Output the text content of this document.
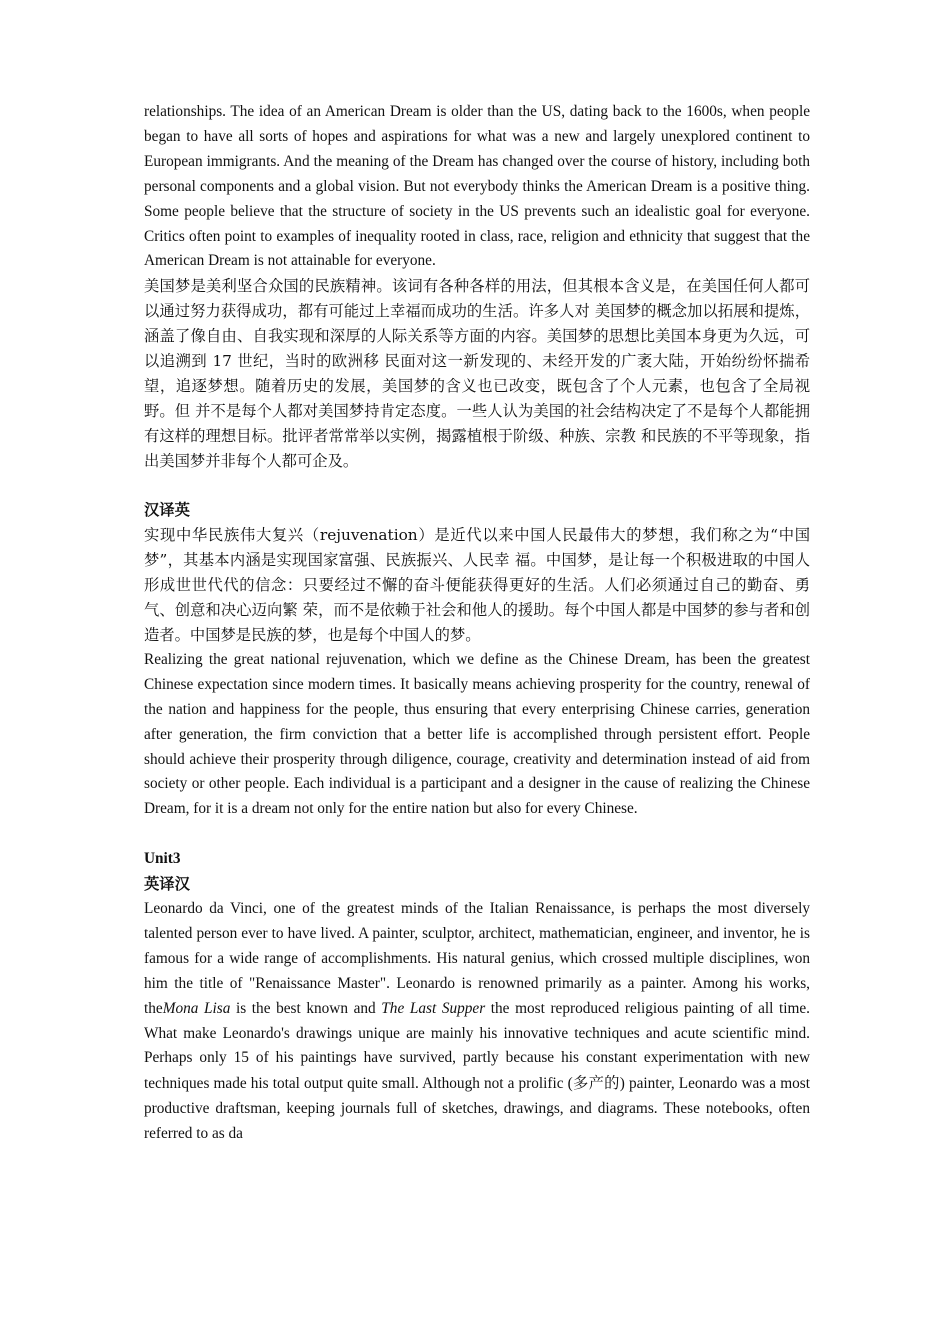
relationships. The idea of an American Dream is older than the US, dating back to the 1600s, when people began to have all sorts of hopes and aspirations for what was a new and largely unexplored continent to European immigrants. And the meaning of the Dream has changed over the course of history, including both personal components and a global vision. But not everybody thinks the American Dream is a positive thing. Some people believe that the structure of society in the US prevents such an idealistic goal for everyone. Critics often point to examples of inequality rooted in class, race, religion and ethnicity that suggest that the American Dream is not attainable for everyone.

美国梦是美利坚合众国的民族精神。该词有各种各样的用法，但其根本含义是，在美国任何人都可以通过努力获得成功，都有可能过上幸福而成功的生活。许多人对 美国梦的概念加以拓展和提炼，涵盖了像自由、自我实现和深厚的人际关系等方面的内容。美国梦的思想比美国本身更为久远，可以追溯到 17 世纪，当时的欧洲移 民面对这一新发现的、未经开发的广袤大陆，开始纷纷怀揣希望，追逐梦想。随着历史的发展，美国梦的含义也已改变，既包含了个人元素，也包含了全局视野。但 并不是每个人都对美国梦持肯定态度。一些人认为美国的社会结构决定了不是每个人都能拥有这样的理想目标。批评者常常举以实例，揭露植根于阶级、种族、宗教 和民族的不平等现象，指出美国梦并非每个人都可企及。

汉译英

实现中华民族伟大复兴（rejuvenation）是近代以来中国人民最伟大的梦想，我们称之为“中国梦”，其基本内涵是实现国家富强、民族振兴、人民幸 福。中国梦，是让每一个积极进取的中国人形成世世代代的信念：只要经过不懈的奋斗便能获得更好的生活。人们必须通过自己的勤奋、勇气、创意和决心迈向繁 荣，而不是依赖于社会和他人的援助。每个中国人都是中国梦的参与者和创造者。中国梦是民族的梦，也是每个中国人的梦。

Realizing the great national rejuvenation, which we define as the Chinese Dream, has been the greatest Chinese expectation since modern times. It basically means achieving prosperity for the country, renewal of the nation and happiness for the people, thus ensuring that every enterprising Chinese carries, generation after generation, the firm conviction that a better life is accomplished through persistent effort. People should achieve their prosperity through diligence, courage, creativity and determination instead of aid from society or other people. Each individual is a participant and a designer in the cause of realizing the Chinese Dream, for it is a dream not only for the entire nation but also for every Chinese.

Unit3

英译汉

Leonardo da Vinci, one of the greatest minds of the Italian Renaissance, is perhaps the most diversely talented person ever to have lived. A painter, sculptor, architect, mathematician, engineer, and inventor, he is famous for a wide range of accomplishments. His natural genius, which crossed multiple disciplines, won him the title of "Renaissance Master". Leonardo is renowned primarily as a painter. Among his works, theMona Lisa is the best known and The Last Supper the most reproduced religious painting of all time. What make Leonardo's drawings unique are mainly his innovative techniques and acute scientific mind. Perhaps only 15 of his paintings have survived, partly because his constant experimentation with new techniques made his total output quite small. Although not a prolific (多产的) painter, Leonardo was a most productive draftsman, keeping journals full of sketches, drawings, and diagrams. These notebooks, often referred to as da
